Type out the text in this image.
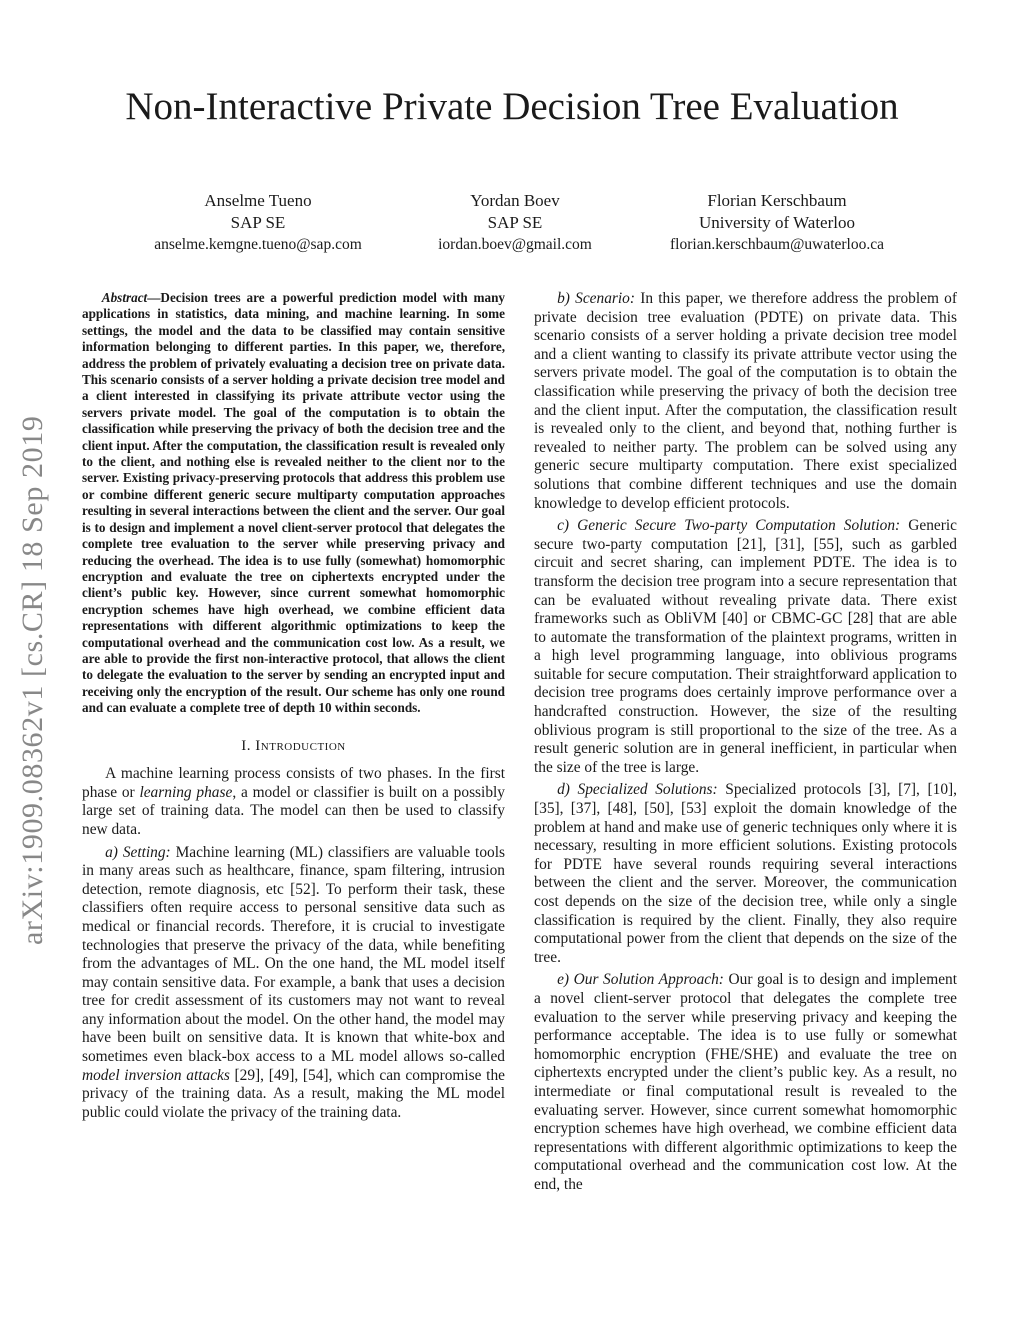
Non-Interactive Private Decision Tree Evaluation
Anselme Tueno
SAP SE
anselme.kemgne.tueno@sap.com
Yordan Boev
SAP SE
iordan.boev@gmail.com
Florian Kerschbaum
University of Waterloo
florian.kerschbaum@uwaterloo.ca
arXiv:1909.08362v1 [cs.CR] 18 Sep 2019

Abstract—Decision trees are a powerful prediction model with many applications in statistics, data mining, and machine learning. In some settings, the model and the data to be classified may contain sensitive information belonging to different parties. In this paper, we, therefore, address the problem of privately evaluating a decision tree on private data. This scenario consists of a server holding a private decision tree model and a client interested in classifying its private attribute vector using the servers private model. The goal of the computation is to obtain the classification while preserving the privacy of both the decision tree and the client input. After the computation, the classification result is revealed only to the client, and nothing else is revealed neither to the client nor to the server. Existing privacy-preserving protocols that address this problem use or combine different generic secure multiparty computation approaches resulting in several interactions between the client and the server. Our goal is to design and implement a novel client-server protocol that delegates the complete tree evaluation to the server while preserving privacy and reducing the overhead. The idea is to use fully (somewhat) homomorphic encryption and evaluate the tree on ciphertexts encrypted under the client’s public key. However, since current somewhat homomorphic encryption schemes have high overhead, we combine efficient data representations with different algorithmic optimizations to keep the computational overhead and the communication cost low. As a result, we are able to provide the first non-interactive protocol, that allows the client to delegate the evaluation to the server by sending an encrypted input and receiving only the encryption of the result. Our scheme has only one round and can evaluate a complete tree of depth 10 within seconds.

I. Introduction

A machine learning process consists of two phases. In the first phase or learning phase, a model or classifier is built on a possibly large set of training data. The model can then be used to classify new data.

a) Setting: Machine learning (ML) classifiers are valuable tools in many areas such as healthcare, finance, spam filtering, intrusion detection, remote diagnosis, etc [52]. To perform their task, these classifiers often require access to personal sensitive data such as medical or financial records. Therefore, it is crucial to investigate technologies that preserve the privacy of the data, while benefiting from the advantages of ML. On the one hand, the ML model itself may contain sensitive data. For example, a bank that uses a decision tree for credit assessment of its customers may not want to reveal any information about the model. On the other hand, the model may have been built on sensitive data. It is known that white-box and sometimes even black-box access to a ML model allows so-called model inversion attacks [29], [49], [54], which can compromise the privacy of the training data. As a result, making the ML model public could violate the privacy of the training data.

b) Scenario: In this paper, we therefore address the problem of private decision tree evaluation (PDTE) on private data. This scenario consists of a server holding a private decision tree model and a client wanting to classify its private attribute vector using the servers private model. The goal of the computation is to obtain the classification while preserving the privacy of both the decision tree and the client input. After the computation, the classification result is revealed only to the client, and beyond that, nothing further is revealed to neither party. The problem can be solved using any generic secure multiparty computation. There exist specialized solutions that combine different techniques and use the domain knowledge to develop efficient protocols.

c) Generic Secure Two-party Computation Solution: Generic secure two-party computation [21], [31], [55], such as garbled circuit and secret sharing, can implement PDTE. The idea is to transform the decision tree program into a secure representation that can be evaluated without revealing private data. There exist frameworks such as ObliVM [40] or CBMC-GC [28] that are able to automate the transformation of the plaintext programs, written in a high level programming language, into oblivious programs suitable for secure computation. Their straightforward application to decision tree programs does certainly improve performance over a handcrafted construction. However, the size of the resulting oblivious program is still proportional to the size of the tree. As a result generic solution are in general inefficient, in particular when the size of the tree is large.

d) Specialized Solutions: Specialized protocols [3], [7], [10], [35], [37], [48], [50], [53] exploit the domain knowledge of the problem at hand and make use of generic techniques only where it is necessary, resulting in more efficient solutions. Existing protocols for PDTE have several rounds requiring several interactions between the client and the server. Moreover, the communication cost depends on the size of the decision tree, while only a single classification is required by the client. Finally, they also require computational power from the client that depends on the size of the tree.

e) Our Solution Approach: Our goal is to design and implement a novel client-server protocol that delegates the complete tree evaluation to the server while preserving privacy and keeping the performance acceptable. The idea is to use fully or somewhat homomorphic encryption (FHE/SHE) and evaluate the tree on ciphertexts encrypted under the client’s public key. As a result, no intermediate or final computational result is revealed to the evaluating server. However, since current somewhat homomorphic encryption schemes have high overhead, we combine efficient data representations with different algorithmic optimizations to keep the computational overhead and the communication cost low. At the end, the
